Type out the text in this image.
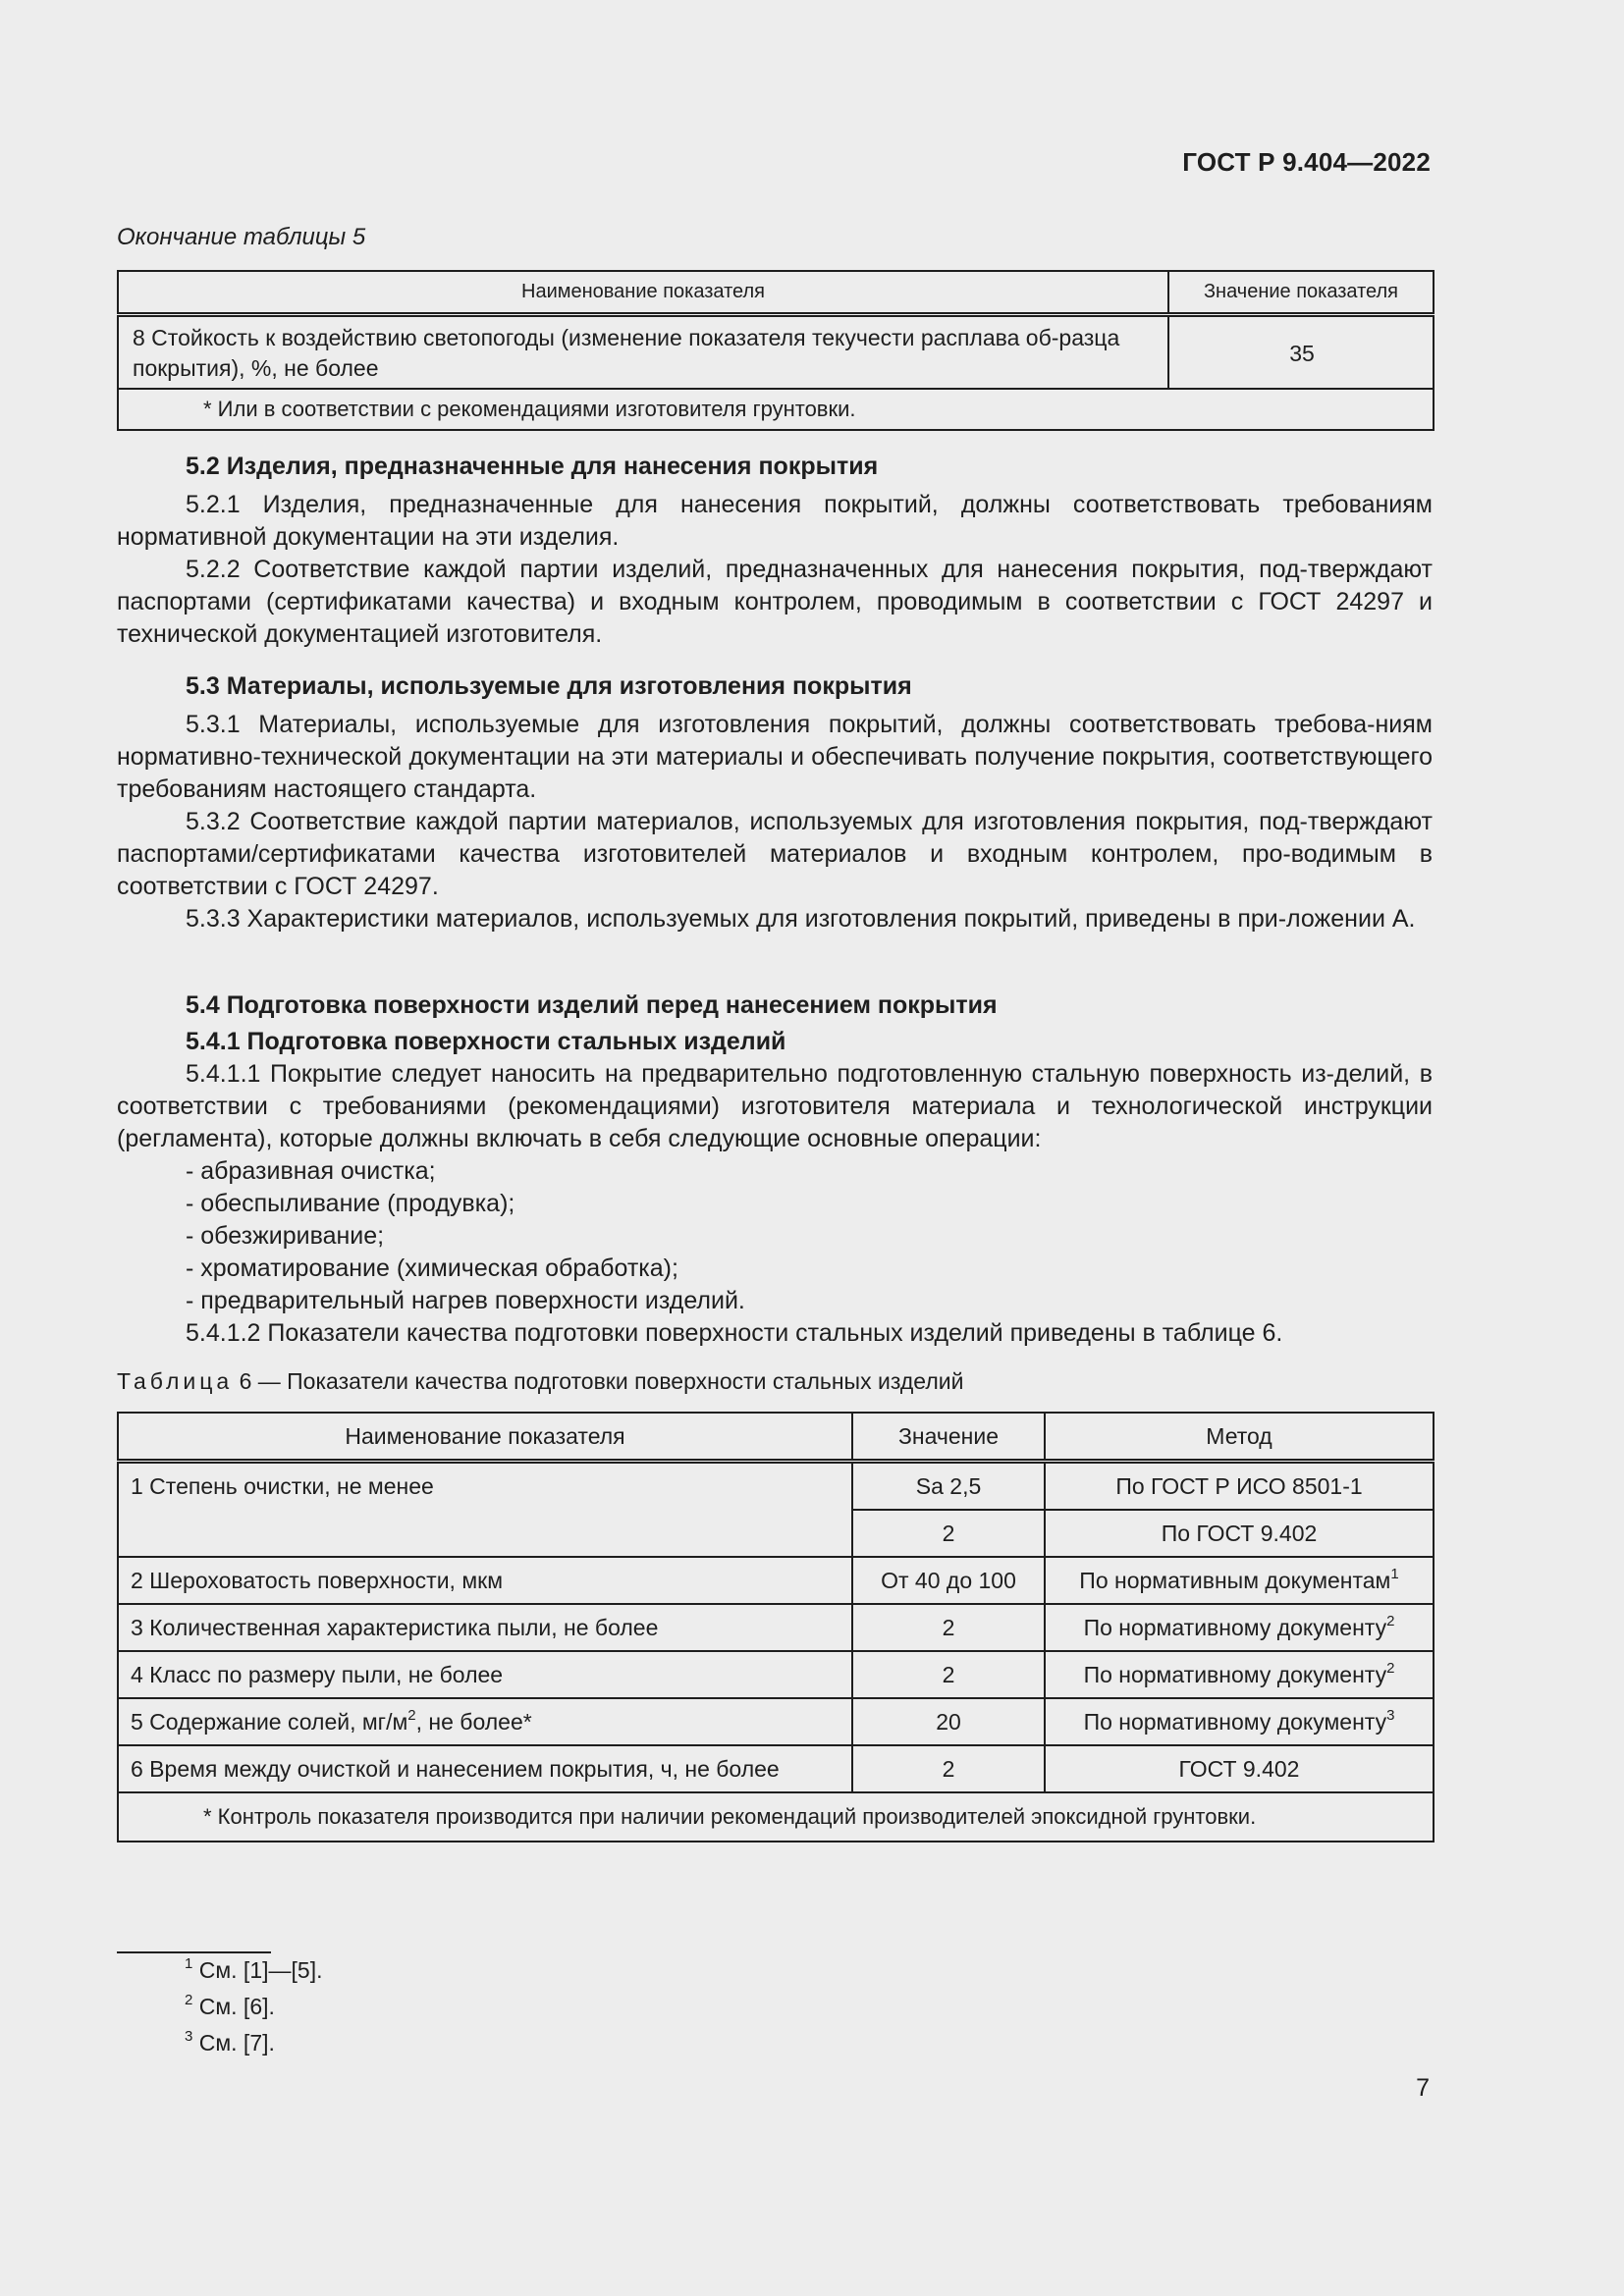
ГОСТ Р 9.404—2022
Окончание таблицы 5
Наименование показателя	Значение показателя
8 Стойкость к воздействию светопогоды (изменение показателя текучести расплава об-разца покрытия), %, не более	35
* Или в соответствии с рекомендациями изготовителя грунтовки.	

5.2 Изделия, предназначенные для нанесения покрытия

5.2.1 Изделия, предназначенные для нанесения покрытий, должны соответствовать требованиям нормативной документации на эти изделия.

5.2.2 Соответствие каждой партии изделий, предназначенных для нанесения покрытия, под-тверждают паспортами (сертификатами качества) и входным контролем, проводимым в соответствии с ГОСТ 24297 и технической документацией изготовителя.

5.3 Материалы, используемые для изготовления покрытия

5.3.1 Материалы, используемые для изготовления покрытий, должны соответствовать требова-ниям нормативно-технической документации на эти материалы и обеспечивать получение покрытия, соответствующего требованиям настоящего стандарта.

5.3.2 Соответствие каждой партии материалов, используемых для изготовления покрытия, под-тверждают паспортами/сертификатами качества изготовителей материалов и входным контролем, про-водимым в соответствии с ГОСТ 24297.

5.3.3 Характеристики материалов, используемых для изготовления покрытий, приведены в при-ложении А.

5.4 Подготовка поверхности изделий перед нанесением покрытия

5.4.1 Подготовка поверхности стальных изделий

5.4.1.1 Покрытие следует наносить на предварительно подготовленную стальную поверхность из-делий, в соответствии с требованиями (рекомендациями) изготовителя материала и технологической инструкции (регламента), которые должны включать в себя следующие основные операции:

- абразивная очистка;

- обеспыливание (продувка);

- обезжиривание;

- хроматирование (химическая обработка);

- предварительный нагрев поверхности изделий.

5.4.1.2 Показатели качества подготовки поверхности стальных изделий приведены в таблице 6.

Таблица 6 — Показатели качества подготовки поверхности стальных изделий
Наименование показателя	Значение	Метод
1 Степень очистки, не менее	Sa 2,5	По ГОСТ Р ИСО 8501-1
	2	По ГОСТ 9.402
2 Шероховатость поверхности, мкм	От 40 до 100	По нормативным документам$^1$
3 Количественная характеристика пыли, не более	2	По нормативному документу$^2$
4 Класс по размеру пыли, не более	2	По нормативному документу$^2$
5 Содержание солей, $мг/м^2$, не более*	20	По нормативному документу$^3$
6 Время между очисткой и нанесением покрытия, ч, не более	2	ГОСТ 9.402
* Контроль показателя производится при наличии рекомендаций производителей эпоксидной грунтовки.		
$^1$ См. [1]—[5].
$^2$ См. [6].
$^3$ См. [7].
7
